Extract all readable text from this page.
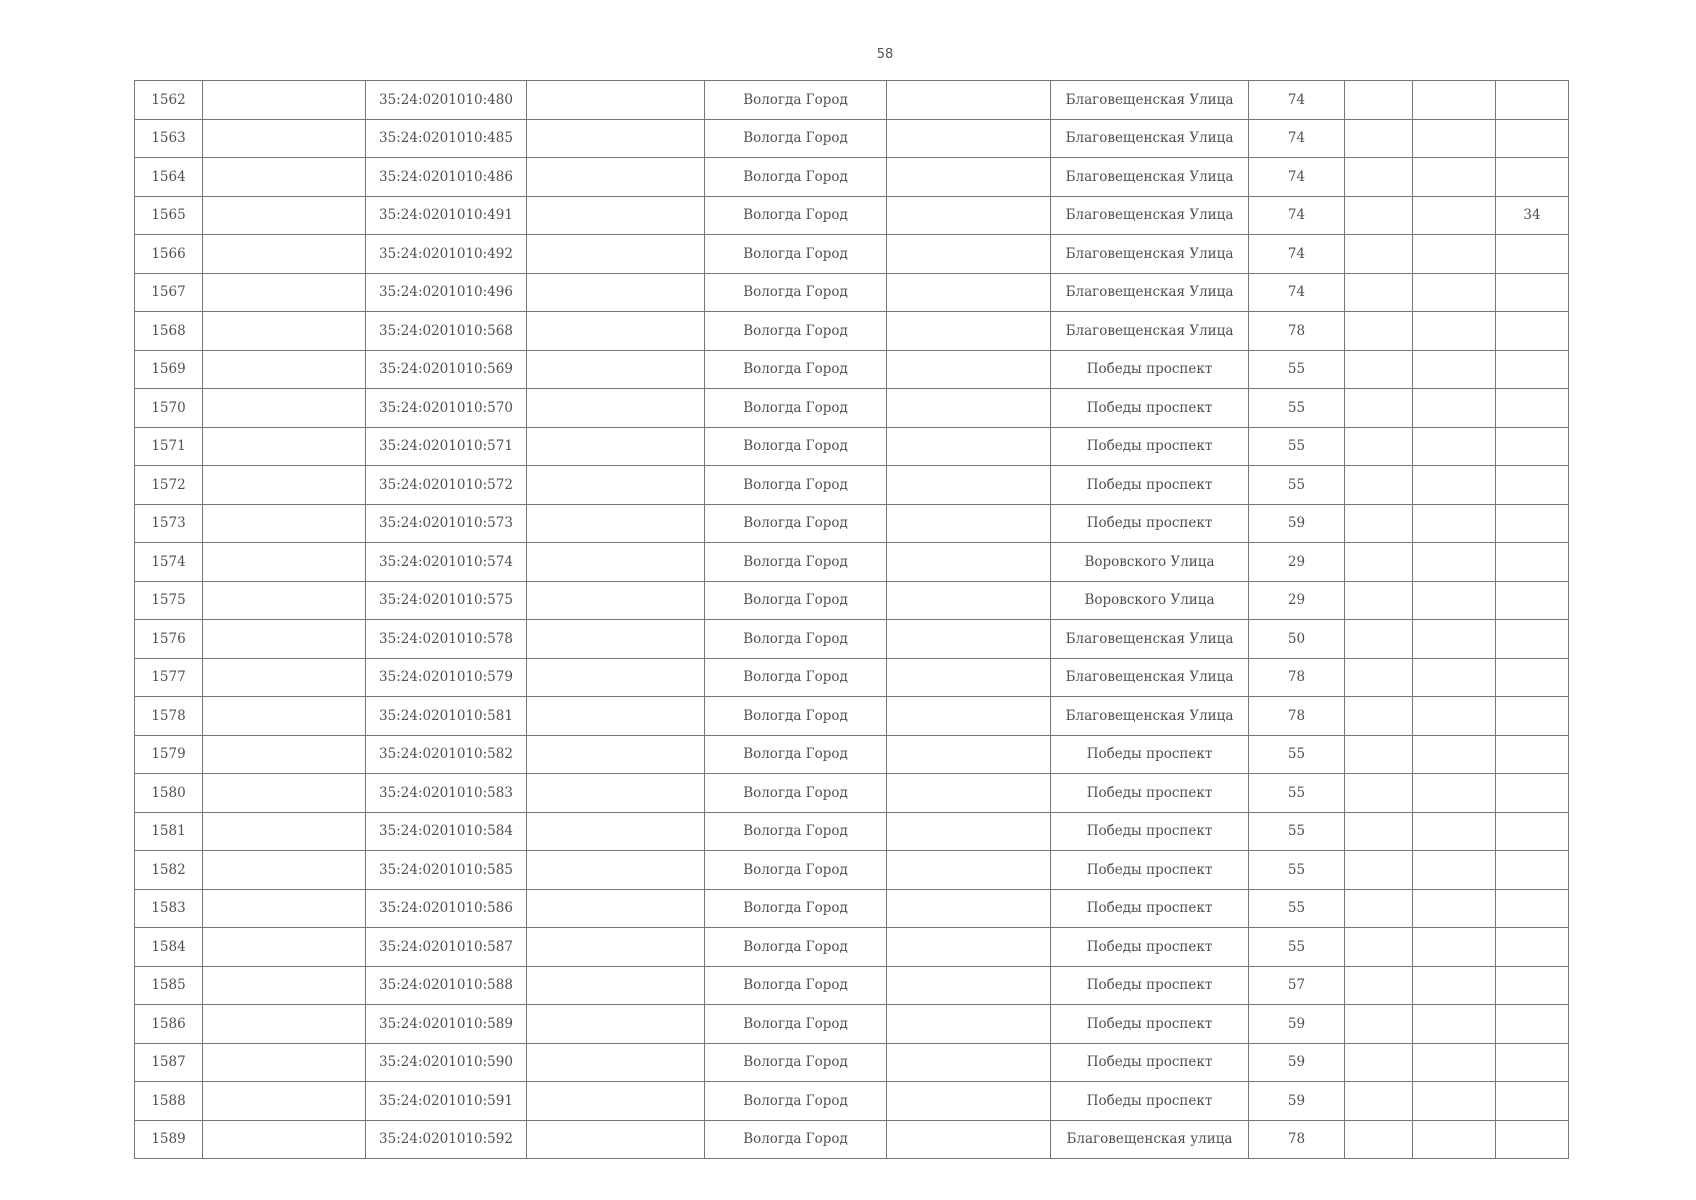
58
1562		35:24:0201010:480		Вологда Город		Благовещенская Улица	74			
1563		35:24:0201010:485		Вологда Город		Благовещенская Улица	74			
1564		35:24:0201010:486		Вологда Город		Благовещенская Улица	74			
1565		35:24:0201010:491		Вологда Город		Благовещенская Улица	74			34
1566		35:24:0201010:492		Вологда Город		Благовещенская Улица	74			
1567		35:24:0201010:496		Вологда Город		Благовещенская Улица	74			
1568		35:24:0201010:568		Вологда Город		Благовещенская Улица	78			
1569		35:24:0201010:569		Вологда Город		Победы проспект	55			
1570		35:24:0201010:570		Вологда Город		Победы проспект	55			
1571		35:24:0201010:571		Вологда Город		Победы проспект	55			
1572		35:24:0201010:572		Вологда Город		Победы проспект	55			
1573		35:24:0201010:573		Вологда Город		Победы проспект	59			
1574		35:24:0201010:574		Вологда Город		Воровского Улица	29			
1575		35:24:0201010:575		Вологда Город		Воровского Улица	29			
1576		35:24:0201010:578		Вологда Город		Благовещенская Улица	50			
1577		35:24:0201010:579		Вологда Город		Благовещенская Улица	78			
1578		35:24:0201010:581		Вологда Город		Благовещенская Улица	78			
1579		35:24:0201010:582		Вологда Город		Победы проспект	55			
1580		35:24:0201010:583		Вологда Город		Победы проспект	55			
1581		35:24:0201010:584		Вологда Город		Победы проспект	55			
1582		35:24:0201010:585		Вологда Город		Победы проспект	55			
1583		35:24:0201010:586		Вологда Город		Победы проспект	55			
1584		35:24:0201010:587		Вологда Город		Победы проспект	55			
1585		35:24:0201010:588		Вологда Город		Победы проспект	57			
1586		35:24:0201010:589		Вологда Город		Победы проспект	59			
1587		35:24:0201010:590		Вологда Город		Победы проспект	59			
1588		35:24:0201010:591		Вологда Город		Победы проспект	59			
1589		35:24:0201010:592		Вологда Город		Благовещенская улица	78			
